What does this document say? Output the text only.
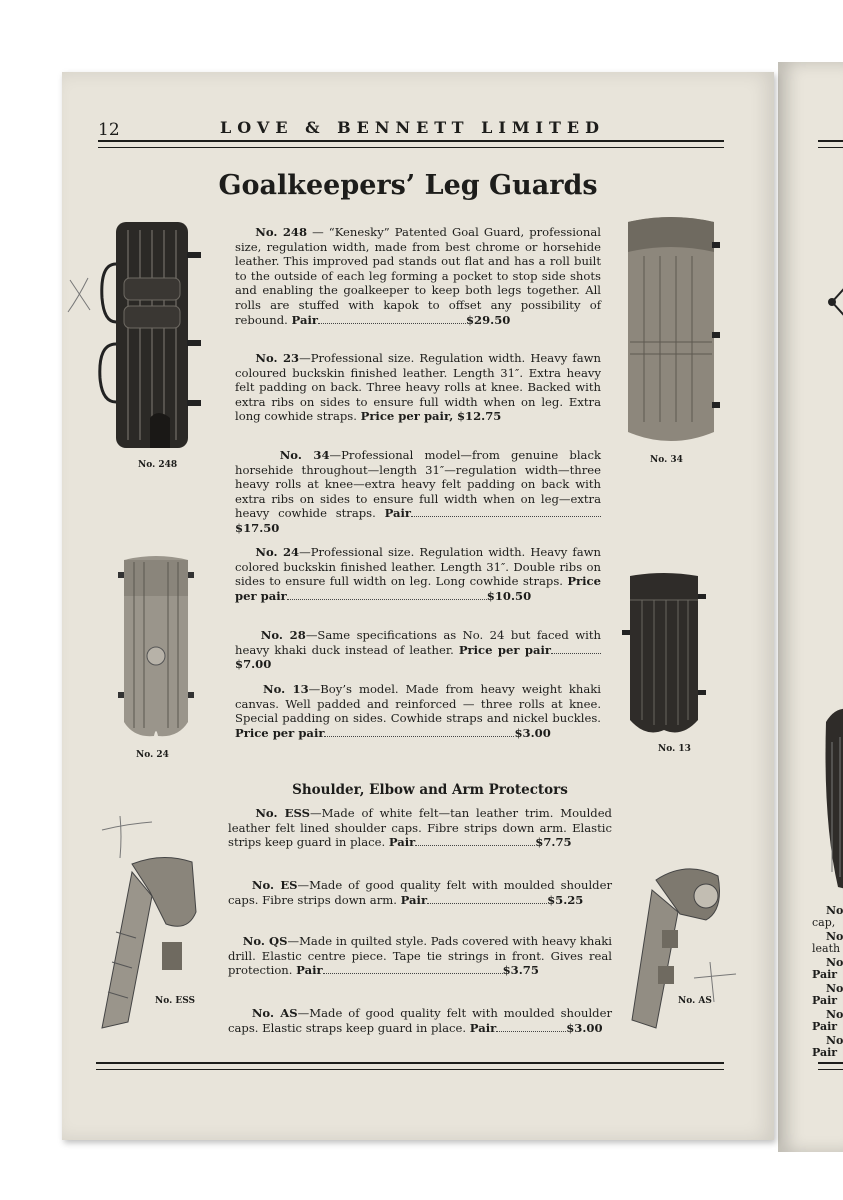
12	LOVE & BENNETT LIMITED
Goalkeepers’ Leg Guards
No. 248 — “Kenesky” Patented Goal Guard, professional size, regulation width, made from best chrome or horsehide leather. This improved pad stands out flat and has a roll built to the outside of each leg forming a pocket to stop side shots and enabling the goalkeeper to keep both legs together. All rolls are stuffed with kapok to offset any possibility of rebound. Pair	$29.50
No. 23—Professional size. Regulation width. Heavy fawn coloured buckskin finished leather. Length 31″. Extra heavy felt padding on back. Three heavy rolls at knee. Backed with extra ribs on sides to ensure full width when on leg. Extra long cowhide straps. Price per pair, $12.75
No. 34—Professional model—from genuine black horsehide throughout—length 31″—regulation width—three heavy rolls at knee—extra heavy felt padding on back with extra ribs on sides to ensure full width when on leg—extra heavy cowhide straps. Pair$17.50
No. 24—Professional size. Regulation width. Heavy fawn colored buckskin finished leather. Length 31″. Double ribs on sides to ensure full width on leg. Long cowhide straps. Price per pair	$10.50
No. 28—Same specifications as No. 24 but faced with heavy khaki duck instead of leather. Price per pair$7.00
No. 13—Boy’s model. Made from heavy weight khaki canvas. Well padded and reinforced — three rolls at knee. Special padding on sides. Cowhide straps and nickel buckles. Price per pair	$3.00
Shoulder, Elbow and Arm Protectors
No. ESS—Made of white felt—tan leather trim. Moulded leather felt lined shoulder caps. Fibre strips down arm. Elastic strips keep guard in place. Pair	$7.75
No. ES—Made of good quality felt with moulded shoulder caps. Fibre strips down arm. Pair	$5.25
No. QS—Made in quilted style. Pads covered with heavy khaki drill. Elastic centre piece. Tape tie strings in front. Gives real protection. Pair	$3.75
No. AS—Made of good quality felt with moulded shoulder caps. Elastic straps keep guard in place. Pair	$3.00
No. 248	No. 34
No. 24
No. 13
No. ESS	No. AS
No
cap,
No
leath
No
Pair
No
Pair
No
Pair
No
Pair
